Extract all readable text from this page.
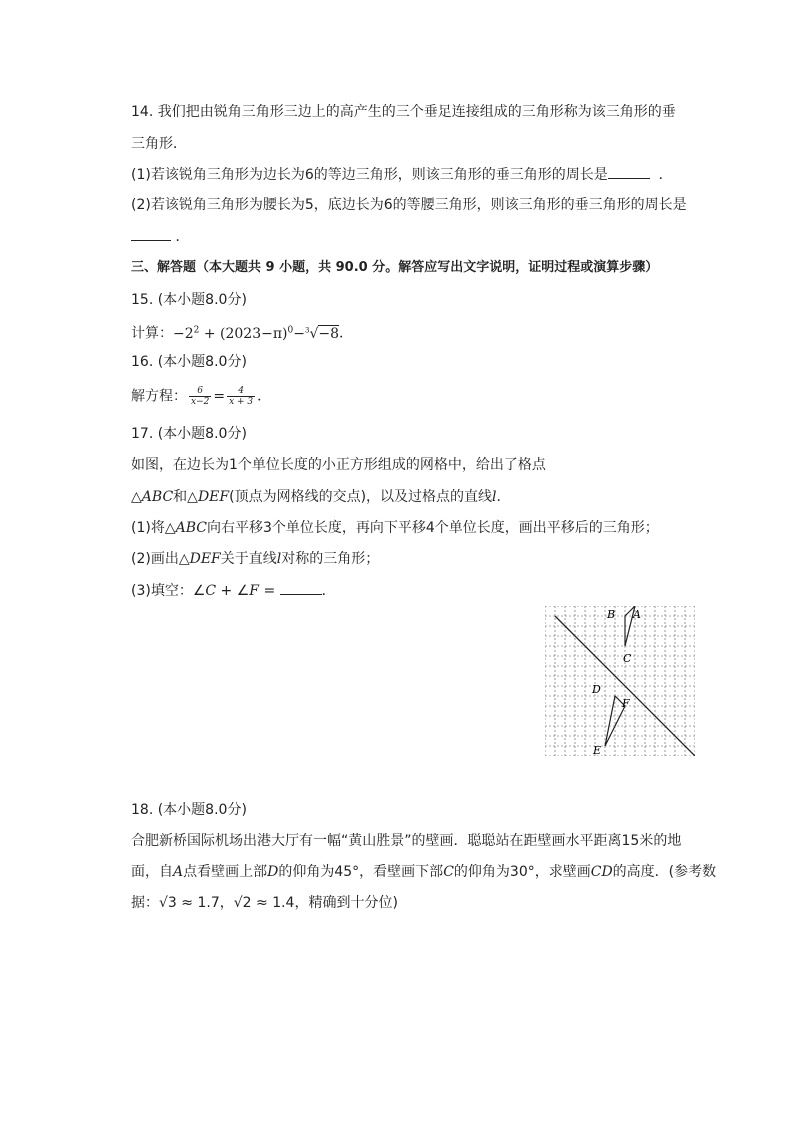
14. 我们把由锐角三角形三边上的高产生的三个垂足连接组成的三角形称为该三角形的垂
三角形．
(1)若该锐角三角形为边长为6的等边三角形，则该三角形的垂三角形的周长是	．
(2)若该锐角三角形为腰长为5，底边长为6的等腰三角形，则该三角形的垂三角形的周长是
．
三、解答题（本大题共 9 小题，共 90.0 分。解答应写出文字说明，证明过程或演算步骤）
15. (本小题8.0分)
计算：$-2^2 + (2023-\pi)^0-^3√-8$．
16. (本小题8.0分)
解方程： $\frac{6}{x-2} = \frac{4}{x + 3}$ ．
17. (本小题8.0分)
如图，在边长为1个单位长度的小正方形组成的网格中，给出了格点
△ABC和△DEF(顶点为网格线的交点)，以及过格点的直线l．
(1)将△ABC向右平移3个单位长度，再向下平移4个单位长度，画出平移后的三角形；
(2)画出△DEF关于直线l对称的三角形；
(3)填空：∠C + ∠F =	．
B A
C
D
F
E
18. (本小题8.0分)
合肥新桥国际机场出港大厅有一幅“黄山胜景”的壁画．聪聪站在距壁画水平距离15米的地
面，自A点看壁画上部D的仰角为45°，看壁画下部C的仰角为30°，求壁画CD的高度．(参考数
据：√3 ≈ 1.7，√2 ≈ 1.4，精确到十分位)
